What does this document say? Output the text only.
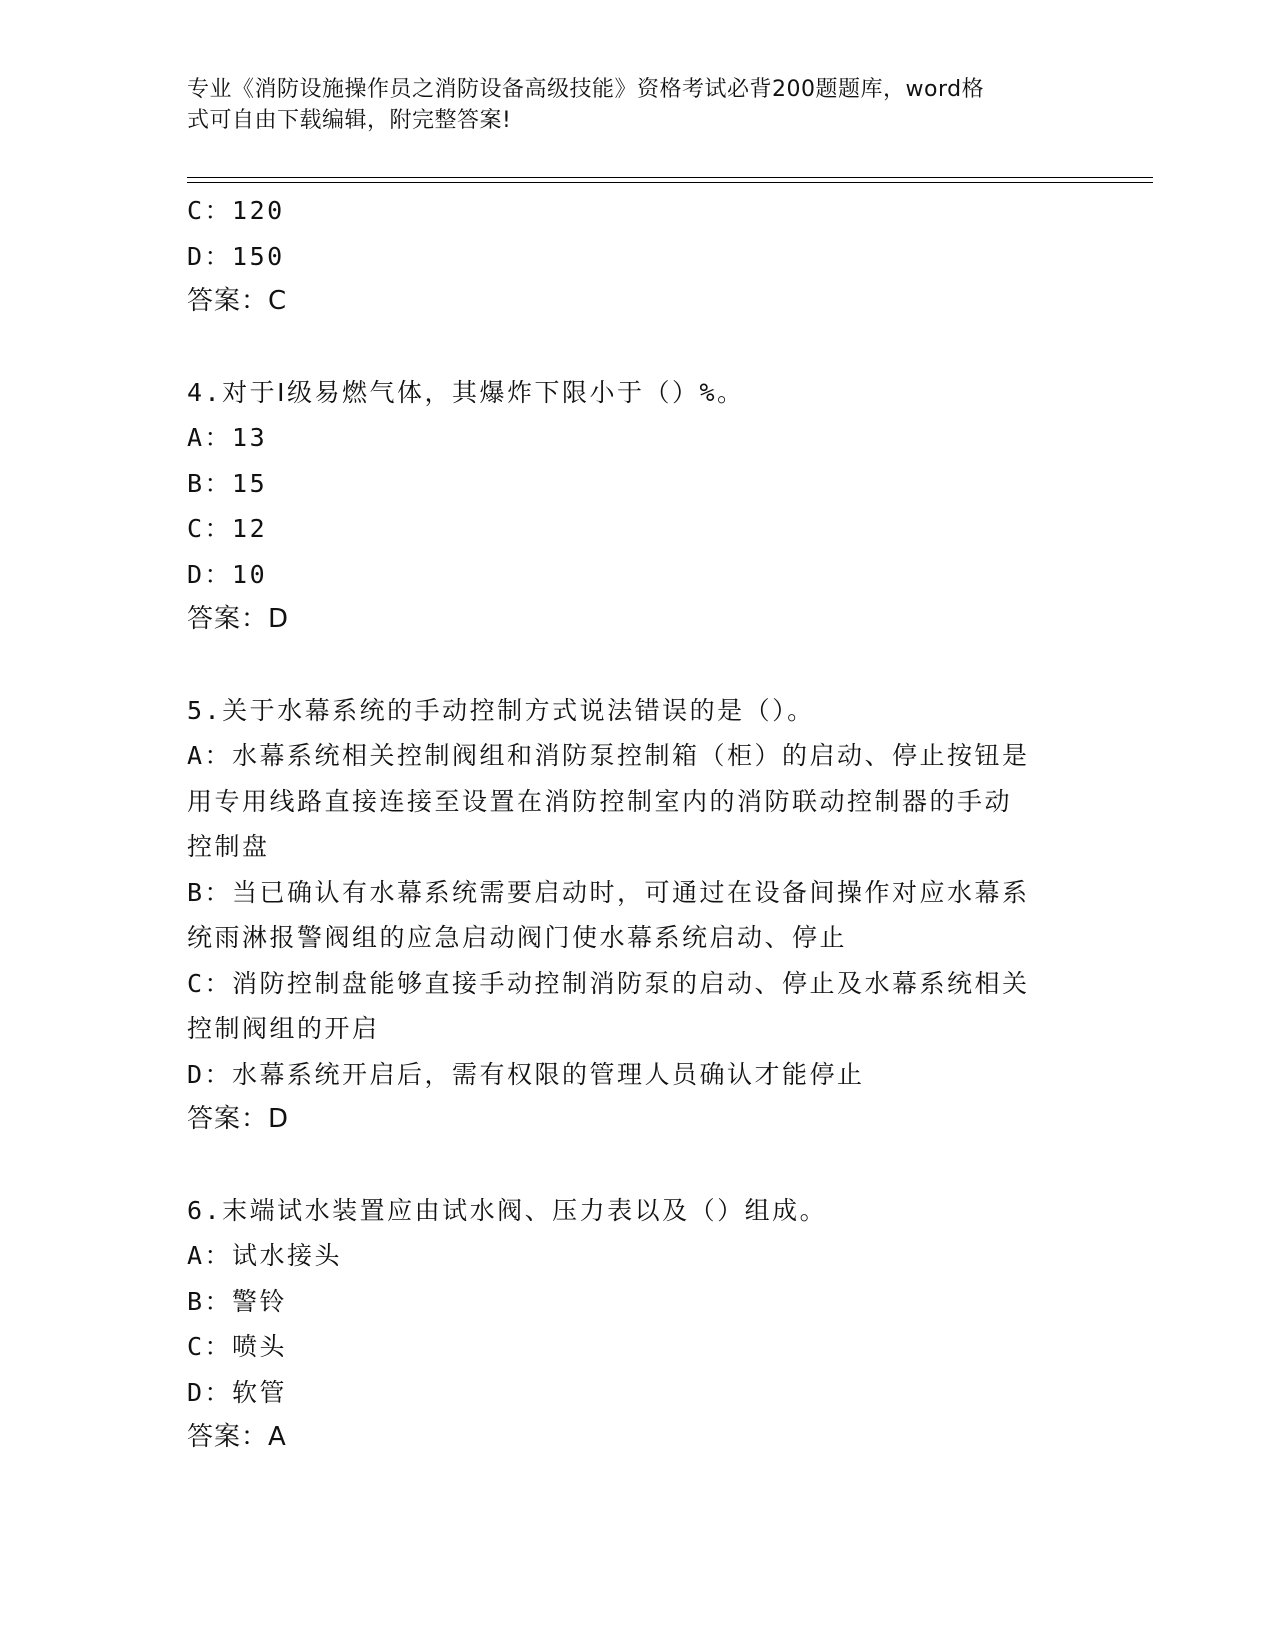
专业《消防设施操作员之消防设备高级技能》资格考试必背200题题库，word格
式可自由下载编辑，附完整答案!

C：120

D：150

答案：C

4.对于Ⅰ级易燃气体，其爆炸下限小于（）%。

A：13

B：15

C：12

D：10

答案：D

5.关于水幕系统的手动控制方式说法错误的是（）。

A：水幕系统相关控制阀组和消防泵控制箱（柜）的启动、停止按钮是

用专用线路直接连接至设置在消防控制室内的消防联动控制器的手动

控制盘

B：当已确认有水幕系统需要启动时，可通过在设备间操作对应水幕系

统雨淋报警阀组的应急启动阀门使水幕系统启动、停止

C：消防控制盘能够直接手动控制消防泵的启动、停止及水幕系统相关

控制阀组的开启

D：水幕系统开启后，需有权限的管理人员确认才能停止

答案：D

6.末端试水装置应由试水阀、压力表以及（）组成。

A：试水接头

B：警铃

C：喷头

D：软管

答案：A
